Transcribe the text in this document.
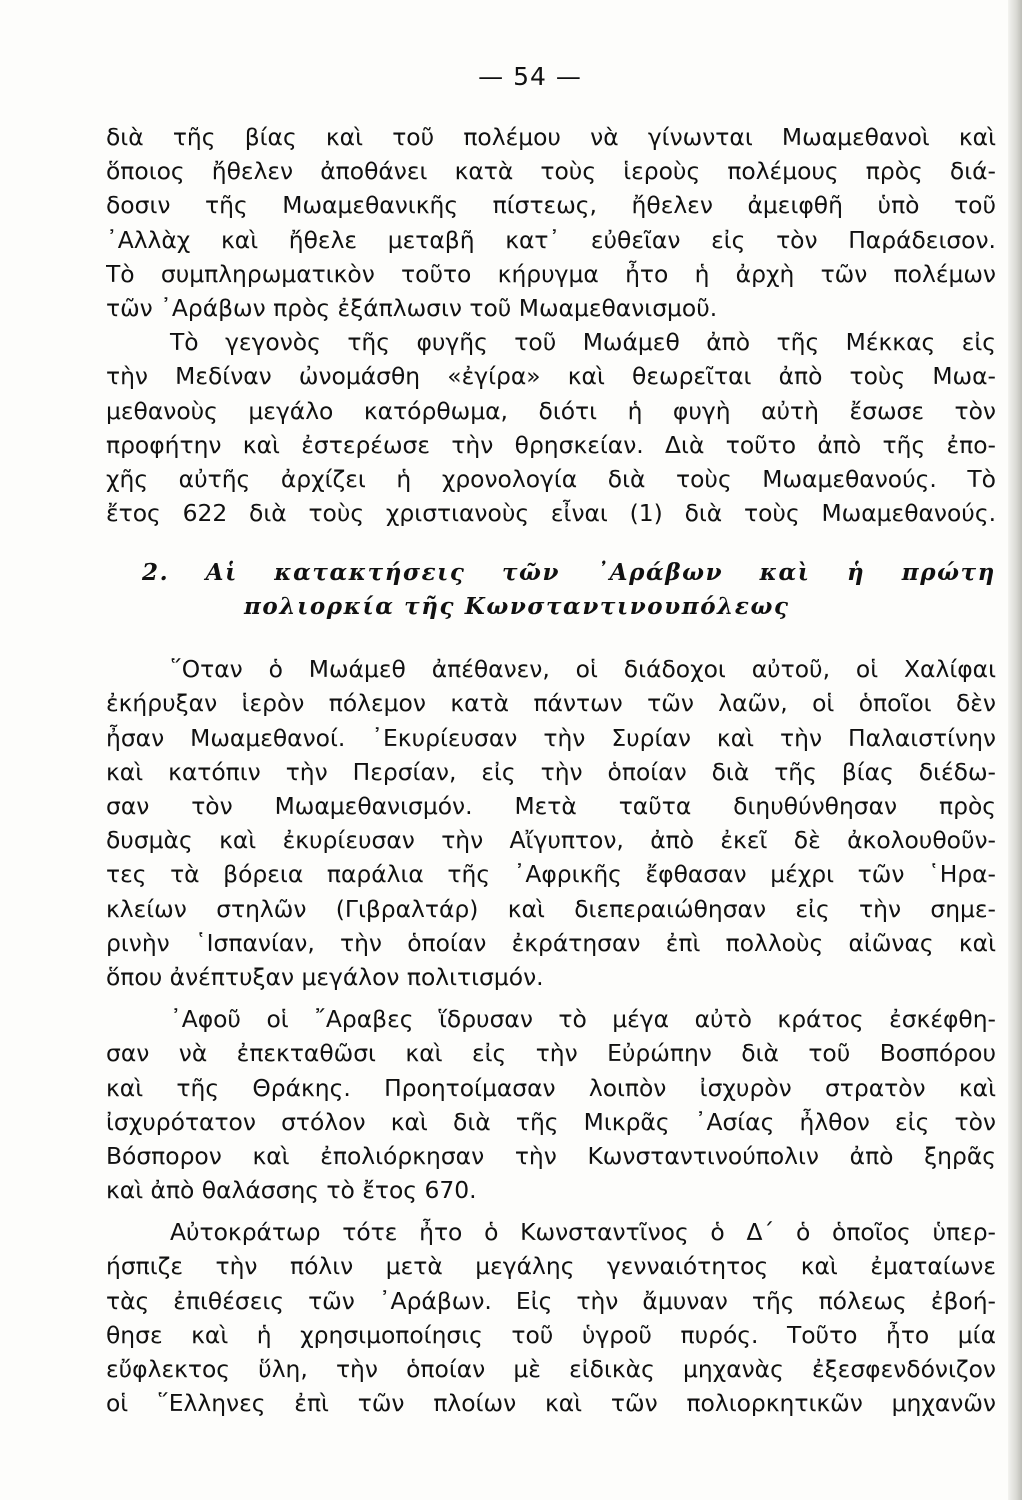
— 54 —
διὰ τῆς βίας καὶ τοῦ πολέμου νὰ γίνωνται Μωαμεθανοὶ καὶ
ὅποιος ἤθελεν ἀποθάνει κατὰ τοὺς ἱεροὺς πολέμους πρὸς διά-
δοσιν τῆς Μωαμεθανικῆς πίστεως, ἤθελεν ἀμειφθῆ ὑπὸ τοῦ
᾿Αλλὰχ καὶ ἤθελε μεταβῆ κατ᾿ εὐθεῖαν εἰς τὸν Παράδεισον.
Τὸ συμπληρωματικὸν τοῦτο κήρυγμα ἦτο ἡ ἀρχὴ τῶν πολέμων
τῶν ᾿Αράβων πρὸς ἐξάπλωσιν τοῦ Μωαμεθανισμοῦ.
Τὸ γεγονὸς τῆς φυγῆς τοῦ Μωάμεθ ἀπὸ τῆς Μέκκας εἰς
τὴν Μεδίναν ὠνομάσθη «ἐγίρα» καὶ θεωρεῖται ἀπὸ τοὺς Μωα-
μεθανοὺς μεγάλο κατόρθωμα, διότι ἡ φυγὴ αὐτὴ ἔσωσε τὸν
προφήτην καὶ ἐστερέωσε τὴν θρησκείαν. Διὰ τοῦτο ἀπὸ τῆς ἐπο-
χῆς αὐτῆς ἀρχίζει ἡ χρονολογία διὰ τοὺς Μωαμεθανούς. Τὸ
ἔτος 622 διὰ τοὺς χριστιανοὺς εἶναι (1) διὰ τοὺς Μωαμεθανούς.
2. Αἱ κατακτήσεις τῶν ᾿Αράβων καὶ ἡ πρώτη
πολιορκία τῆς Κωνσταντινουπόλεως
῞Οταν ὁ Μωάμεθ ἀπέθανεν, οἱ διάδοχοι αὐτοῦ, οἱ Χαλίφαι
ἐκήρυξαν ἱερὸν πόλεμον κατὰ πάντων τῶν λαῶν, οἱ ὁποῖοι δὲν
ἦσαν Μωαμεθανοί. ᾿Εκυρίευσαν τὴν Συρίαν καὶ τὴν Παλαιστίνην
καὶ κατόπιν τὴν Περσίαν, εἰς τὴν ὁποίαν διὰ τῆς βίας διέδω-
σαν τὸν Μωαμεθανισμόν. Μετὰ ταῦτα διηυθύνθησαν πρὸς
δυσμὰς καὶ ἐκυρίευσαν τὴν Αἴγυπτον, ἀπὸ ἐκεῖ δὲ ἀκολουθοῦν-
τες τὰ βόρεια παράλια τῆς ᾿Αφρικῆς ἔφθασαν μέχρι τῶν ῾Ηρα-
κλείων στηλῶν (Γιβραλτάρ) καὶ διεπεραιώθησαν εἰς τὴν σημε-
ρινὴν ῾Ισπανίαν, τὴν ὁποίαν ἐκράτησαν ἐπὶ πολλοὺς αἰῶνας καὶ
ὅπου ἀνέπτυξαν μεγάλον πολιτισμόν.
᾿Αφοῦ οἱ ῎Αραβες ἵδρυσαν τὸ μέγα αὐτὸ κράτος ἐσκέφθη-
σαν νὰ ἐπεκταθῶσι καὶ εἰς τὴν Εὐρώπην διὰ τοῦ Βοσπόρου
καὶ τῆς Θράκης. Προητοίμασαν λοιπὸν ἰσχυρὸν στρατὸν καὶ
ἰσχυρότατον στόλον καὶ διὰ τῆς Μικρᾶς ᾿Ασίας ἦλθον εἰς τὸν
Βόσπορον καὶ ἐπολιόρκησαν τὴν Κωνσταντινούπολιν ἀπὸ ξηρᾶς
καὶ ἀπὸ θαλάσσης τὸ ἔτος 670.
Αὐτοκράτωρ τότε ἦτο ὁ Κωνσταντῖνος ὁ Δ΄ ὁ ὁποῖος ὑπερ-
ήσπιζε τὴν πόλιν μετὰ μεγάλης γενναιότητος καὶ ἐματαίωνε
τὰς ἐπιθέσεις τῶν ᾿Αράβων. Εἰς τὴν ἄμυναν τῆς πόλεως ἐβοή-
θησε καὶ ἡ χρησιμοποίησις τοῦ ὑγροῦ πυρός. Τοῦτο ἦτο μία
εὔφλεκτος ὕλη, τὴν ὁποίαν μὲ εἰδικὰς μηχανὰς ἐξεσφενδόνιζον
οἱ ῞Ελληνες ἐπὶ τῶν πλοίων καὶ τῶν πολιορκητικῶν μηχανῶν
